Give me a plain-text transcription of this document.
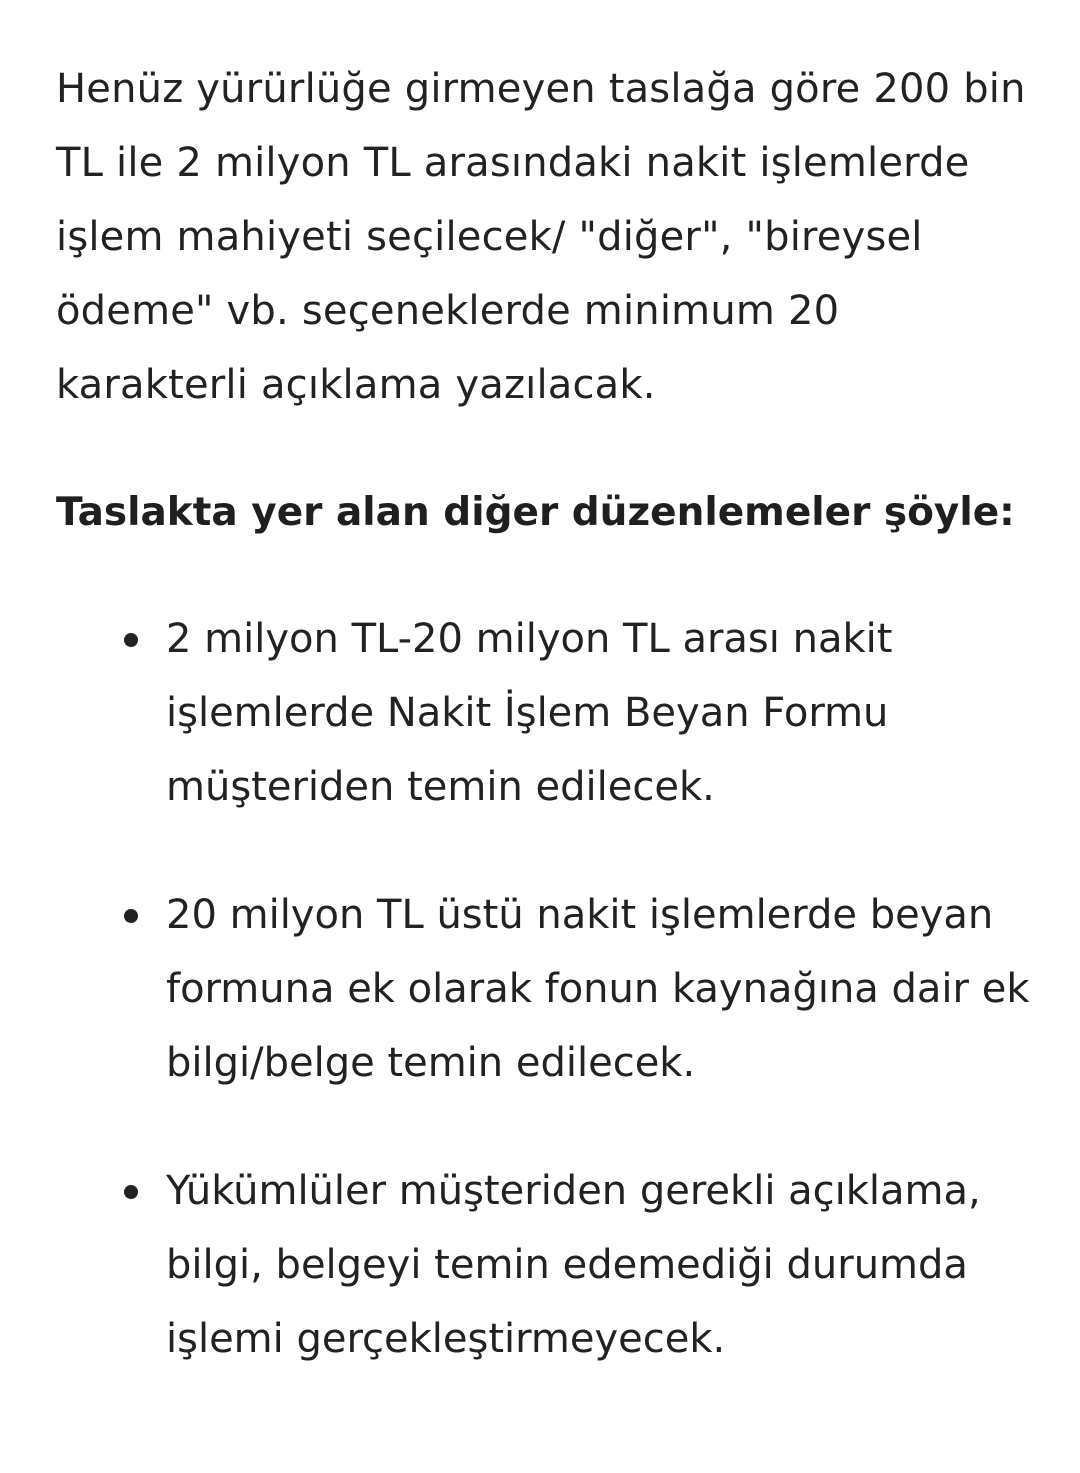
Henüz yürürlüğe girmeyen taslağa göre 200 bin TL ile 2 milyon TL arasındaki nakit işlemlerde işlem mahiyeti seçilecek/ "diğer", "bireysel ödeme" vb. seçeneklerde minimum 20 karakterli açıklama yazılacak.

Taslakta yer alan diğer düzenlemeler şöyle:
2 milyon TL-20 milyon TL arası nakit işlemlerde Nakit İşlem Beyan Formu müşteriden temin edilecek.
20 milyon TL üstü nakit işlemlerde beyan formuna ek olarak fonun kaynağına dair ek bilgi/belge temin edilecek.
Yükümlüler müşteriden gerekli açıklama, bilgi, belgeyi temin edemediği durumda işlemi gerçekleştirmeyecek.
